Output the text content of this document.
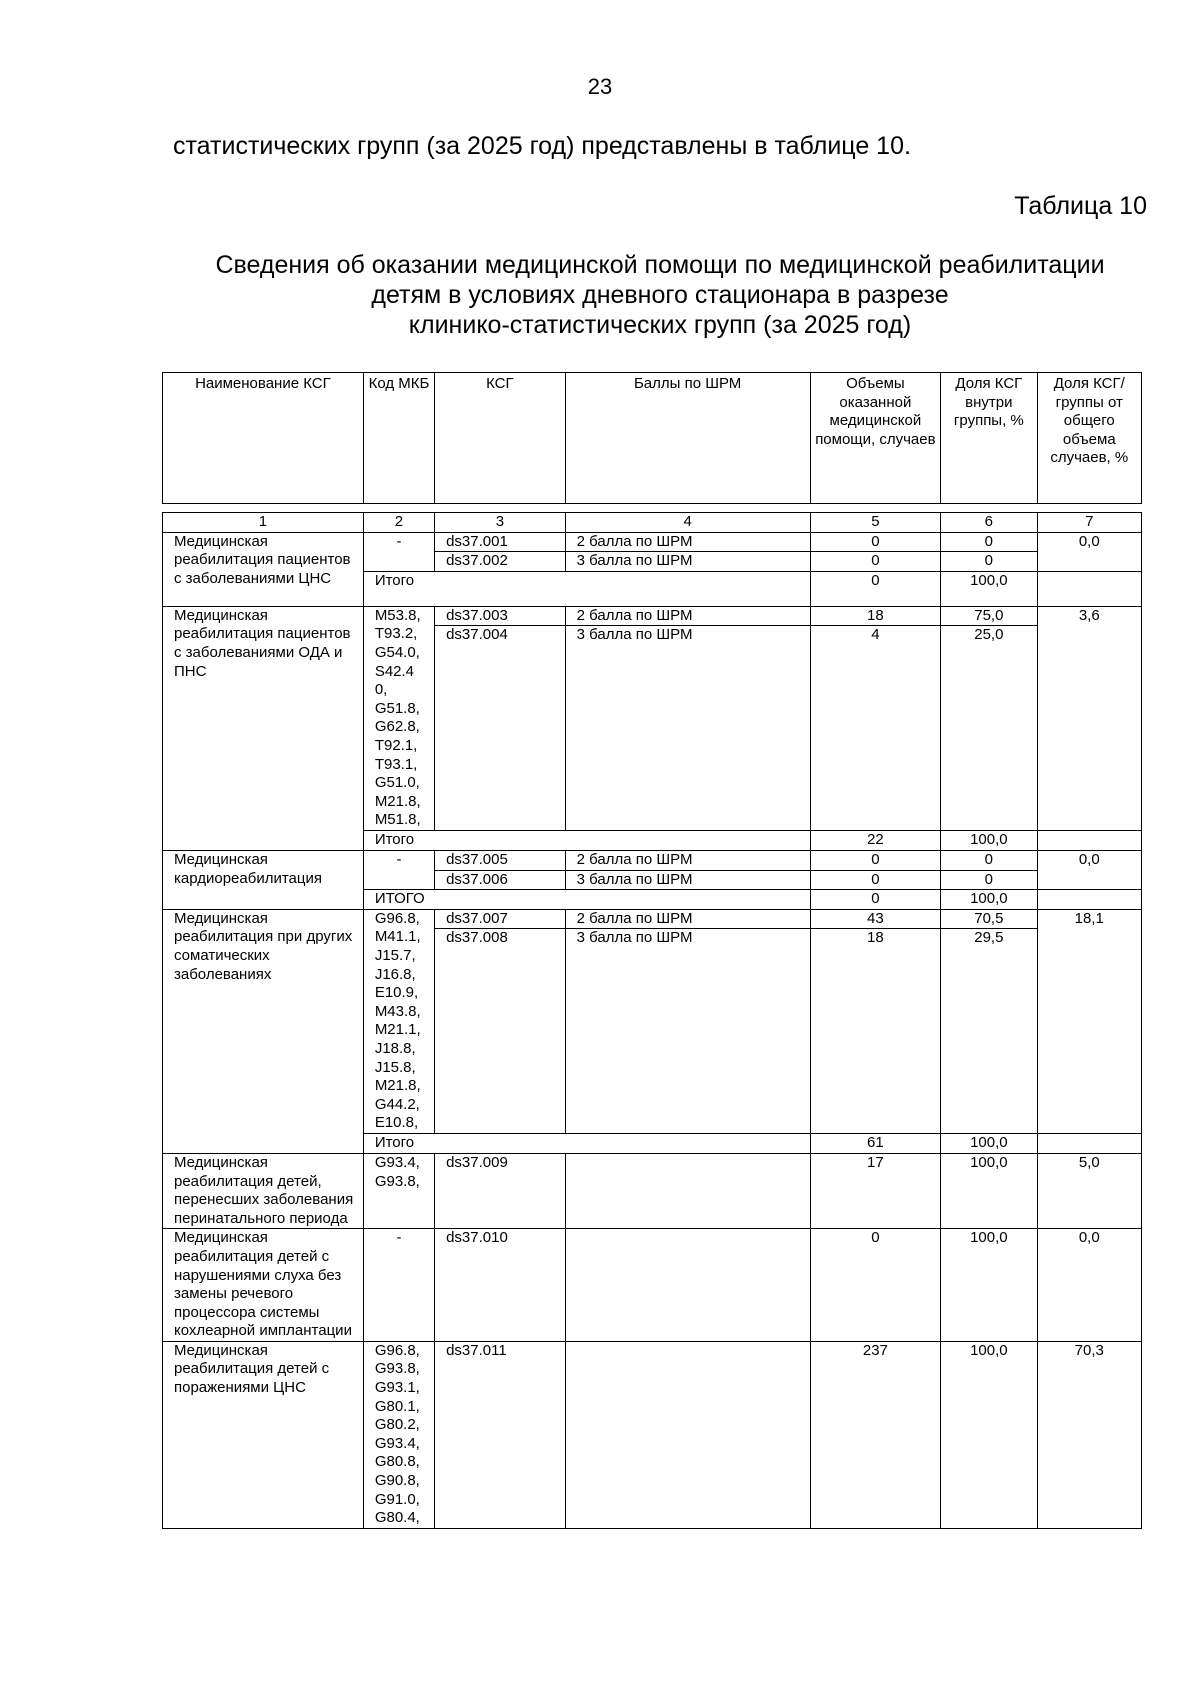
23
статистических групп (за 2025 год) представлены в таблице 10.
Таблица 10
Сведения об оказании медицинской помощи по медицинской реабилитации
детям в условиях дневного стационара в разрезе
клинико-статистических групп (за 2025 год)
Наименование КСГ	Код МКБ	КСГ	Баллы по ШРМ	Объемы оказанной медицинской помощи, случаев	Доля КСГ внутри группы, %	Доля КСГ/группы от общего объема случаев, %

1	2	3	4	5	6	7
Медицинская реабилитация пациентов с заболеваниями ЦНС	-	ds37.001	2 балла по ШРМ	0	0	0,0
		ds37.002	3 балла по ШРМ	0	0	
	Итого			0	100,0	
Медицинская реабилитация пациентов с заболеваниями ОДА и ПНС	M53.8, T93.2, G54.0, S42.4 0, G51.8, G62.8, T92.1, T93.1, G51.0, M21.8, M51.8,	ds37.003	2 балла по ШРМ	18	75,0	3,6
		ds37.004	3 балла по ШРМ	4	25,0	
	Итого			22	100,0	
Медицинская кардиореабилитация	-	ds37.005	2 балла по ШРМ	0	0	0,0
		ds37.006	3 балла по ШРМ	0	0	
	ИТОГО			0	100,0	
Медицинская реабилитация при других соматических заболеваниях	G96.8, M41.1, J15.7, J16.8, E10.9, M43.8, M21.1, J18.8, J15.8, M21.8, G44.2, E10.8,	ds37.007	2 балла по ШРМ	43	70,5	18,1
		ds37.008	3 балла по ШРМ	18	29,5	
	Итого			61	100,0	
Медицинская реабилитация детей, перенесших заболевания перинатального периода	G93.4, G93.8,	ds37.009		17	100,0	5,0
Медицинская реабилитация детей с нарушениями слуха без замены речевого процессора системы кохлеарной имплантации	-	ds37.010		0	100,0	0,0
Медицинская реабилитация детей с поражениями ЦНС	G96.8, G93.8, G93.1, G80.1, G80.2, G93.4, G80.8, G90.8, G91.0, G80.4,	ds37.011		237	100,0	70,3
